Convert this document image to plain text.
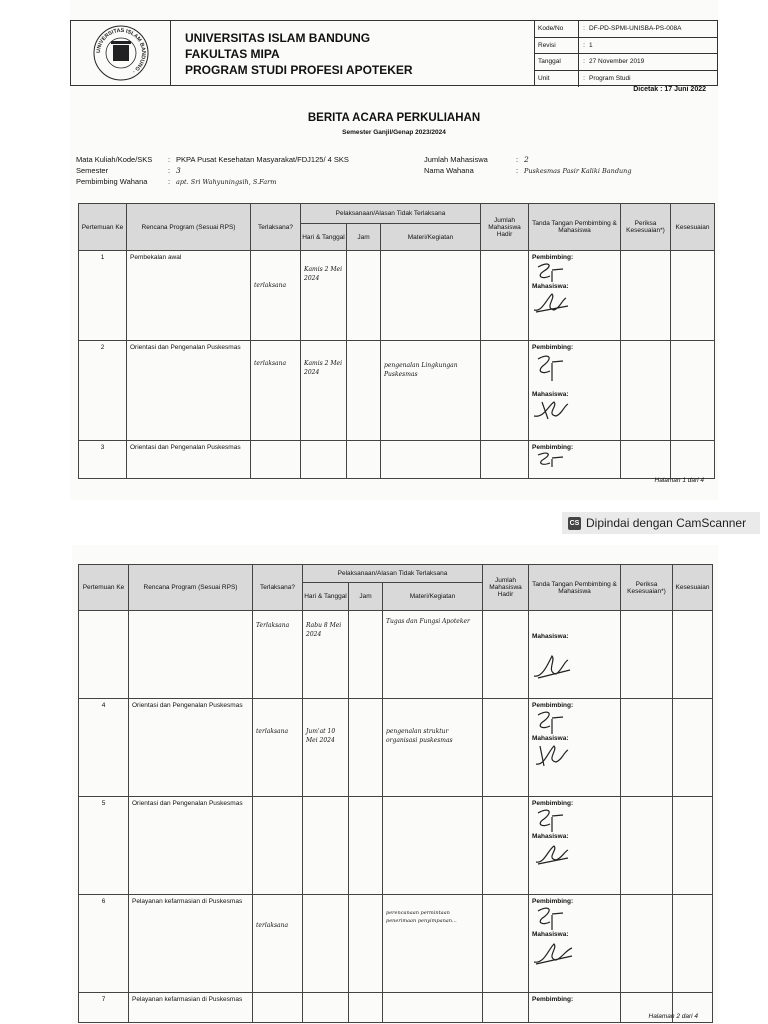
UNIVERSITAS ISLAM BANDUNG ·
UNIVERSITAS ISLAM BANDUNG
FAKULTAS MIPA
PROGRAM STUDI PROFESI APOTEKER
Kode/No	: DF-PD-SPMI-UNISBA-PS-008A
Revisi	: 1
Tanggal	: 27 November 2019
Unit	: Program Studi
Dicetak : 17 Juni 2022
BERITA ACARA PERKULIAHAN
Semester Ganjil/Genap 2023/2024
Mata Kuliah/Kode/SKS : PKPA Pusat Kesehatan Masyarakat/FDJ125/ 4 SKS
Semester	: 3
Pembimbing Wahana	: apt. Sri Wahyuningsih, S.Farm
Jumlah Mahasiswa	: 2
Nama Wahana	: Puskesmas Pasir Kaliki Bandung
Pertemuan Ke	Rencana Program (Sesuai RPS)	Terlaksana?	Pelaksanaan/Alasan Tidak Terlaksana			Jumlah Mahasiswa Hadir	Tanda Tangan Pembimbing & Mahasiswa	Periksa Kesesuaian*)	Kesesuaian
			Hari & Tanggal	Jam	Materi/Kegiatan				
1	Pembekalan awal	terlaksana	Kamis 2 Mei 2024				Pembimbing:
Mahasiswa:		

2	Orientasi dan Pengenalan Puskesmas	terlaksana	Kamis 2 Mei 2024		pengenalan Lingkungan Puskesmas		Pembimbing:
Mahasiswa:		

3	Orientasi dan Pengenalan Puskesmas						Pembimbing:		

Halaman 1 dari 4
CS Dipindai dengan CamScanner
Pertemuan Ke	Rencana Program (Sesuai RPS)	Terlaksana?	Pelaksanaan/Alasan Tidak Terlaksana			Jumlah Mahasiswa Hadir	Tanda Tangan Pembimbing & Mahasiswa	Periksa Kesesuaian*)	Kesesuaian
			Hari & Tanggal	Jam	Materi/Kegiatan				
		Terlaksana	Rabu 8 Mei 2024		Tugas dan Fungsi Apoteker		Mahasiswa:		

4	Orientasi dan Pengenalan Puskesmas	terlaksana	Jum'at 10 Mei 2024		pengenalan struktur organisasi puskesmas		Pembimbing:
Mahasiswa:		

5	Orientasi dan Pengenalan Puskesmas						Pembimbing:
Mahasiswa:		

6	Pelayanan kefarmasian di Puskesmas	terlaksana			perencanaan permintaan penerimaan penyimpanan...		Pembimbing:
Mahasiswa:		

7	Pelayanan kefarmasian di Puskesmas						Pembimbing:		

Halaman 2 dari 4
